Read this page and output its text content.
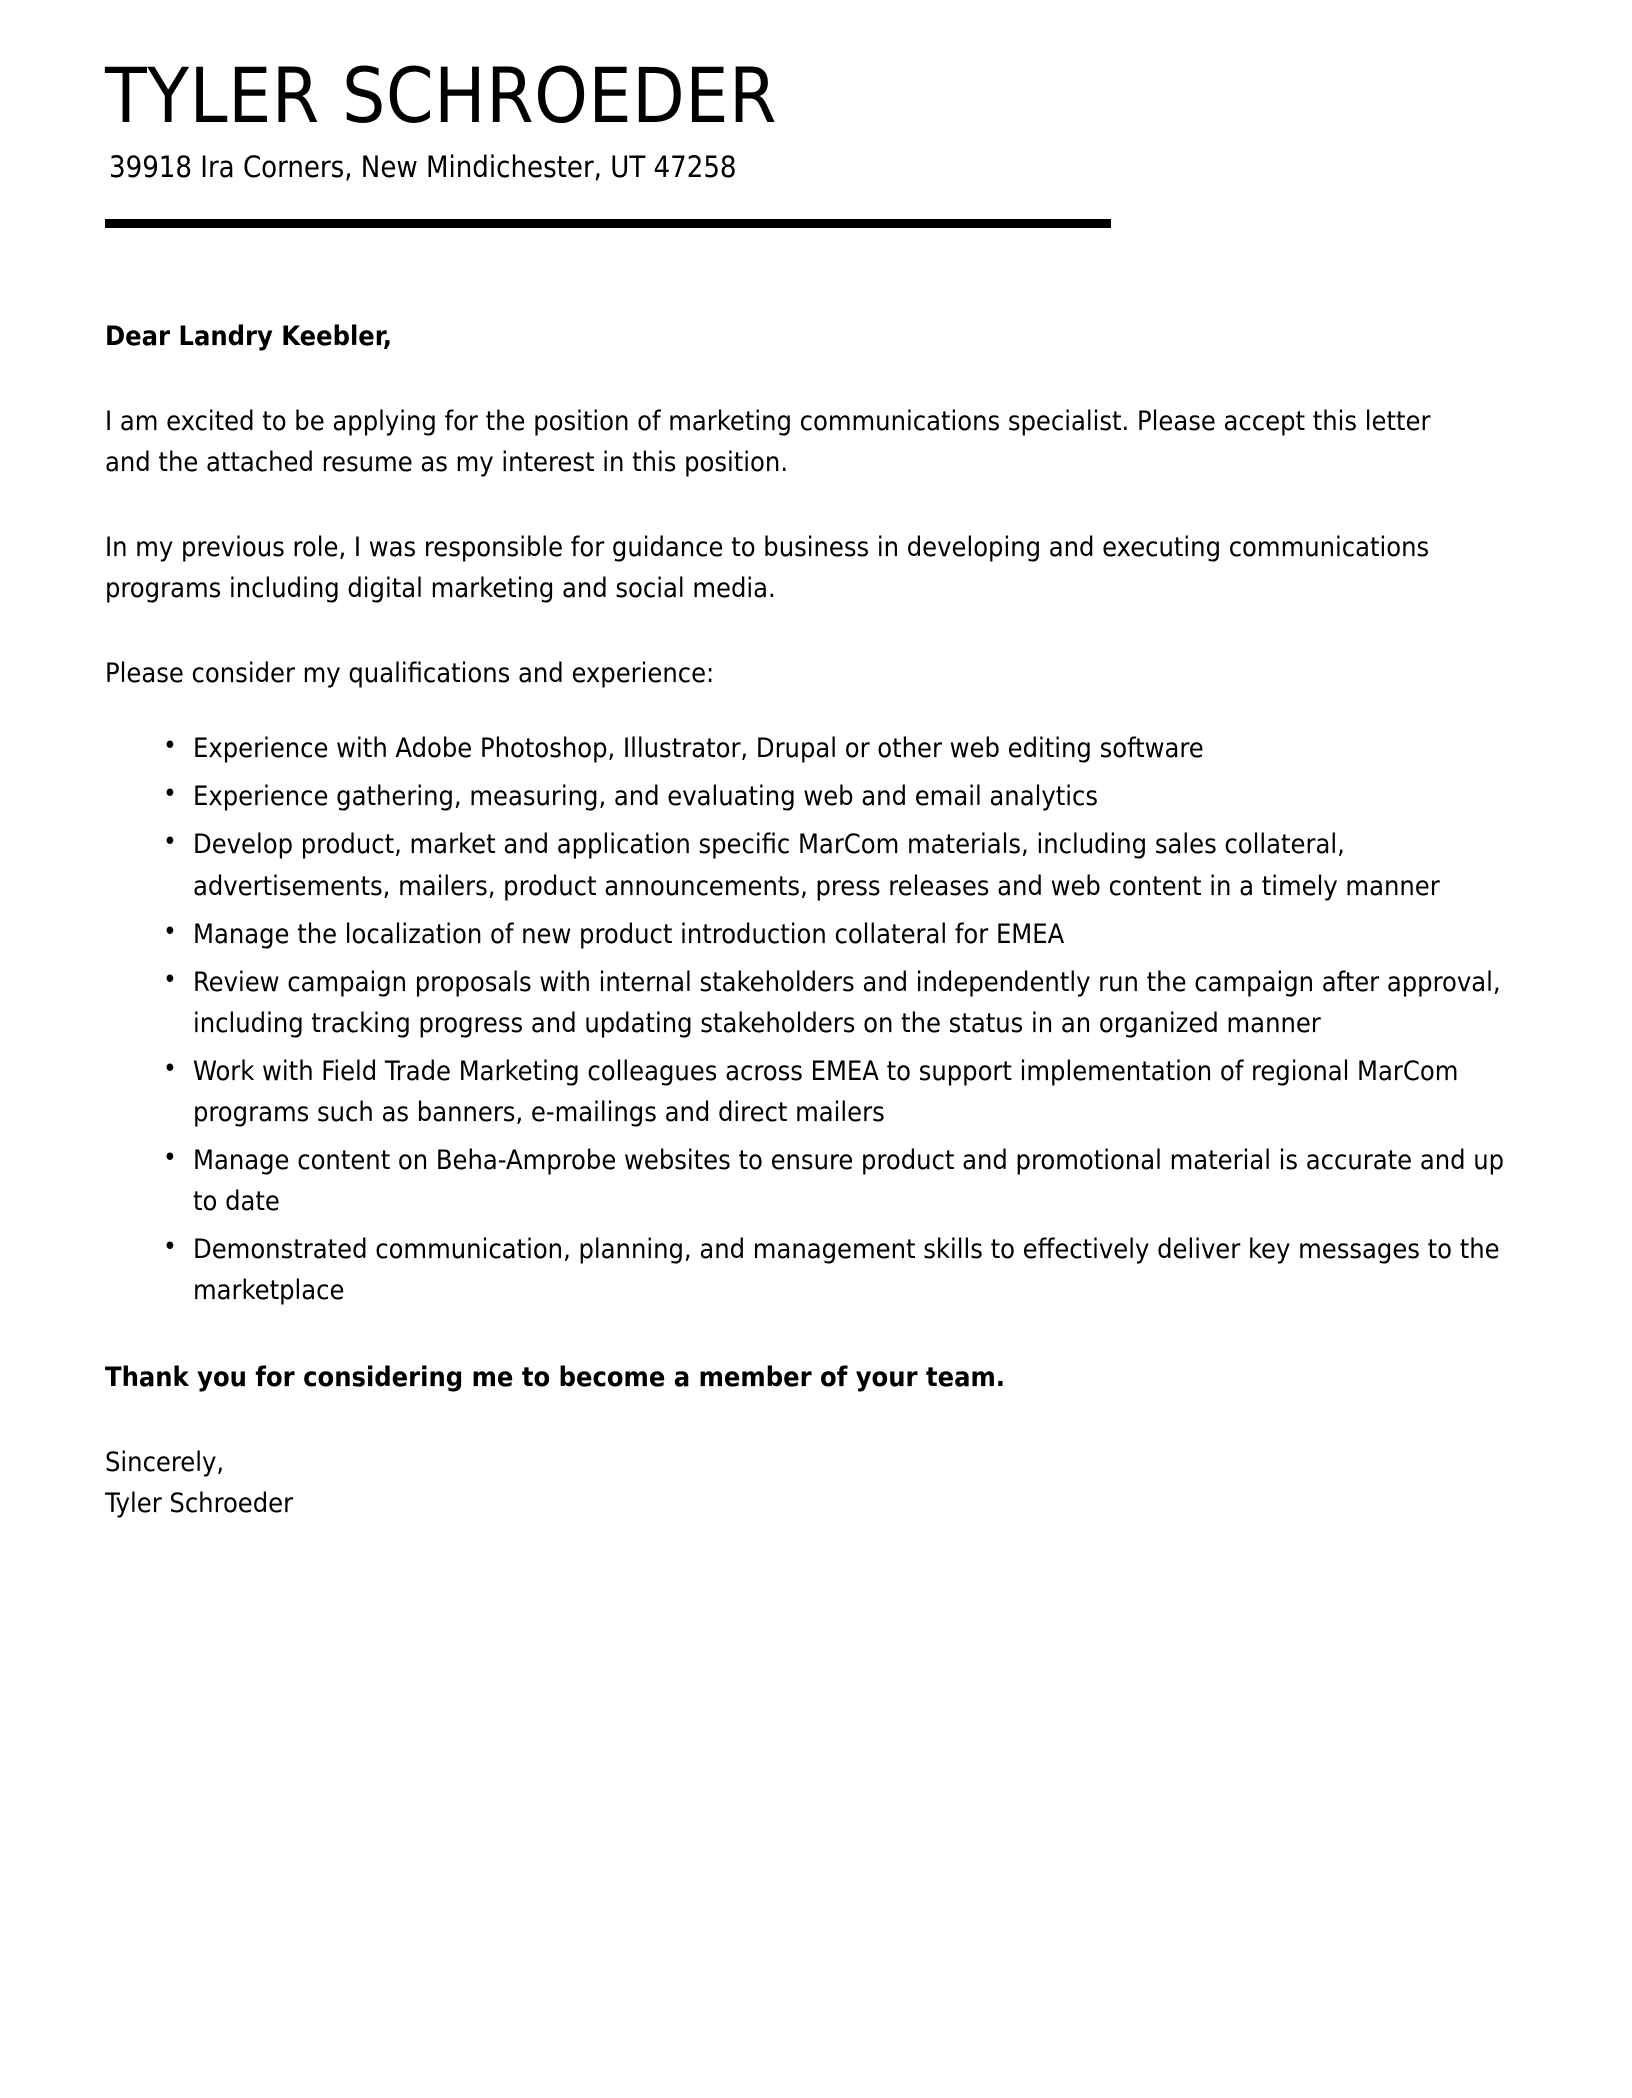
TYLER SCHROEDER
39918 Ira Corners, New Mindichester, UT 47258

Dear Landry Keebler,

I am excited to be applying for the position of marketing communications specialist. Please accept this letter and the attached resume as my interest in this position.

In my previous role, I was responsible for guidance to business in developing and executing communications programs including digital marketing and social media.

Please consider my qualifications and experience:

• Experience with Adobe Photoshop, Illustrator, Drupal or other web editing software
• Experience gathering, measuring, and evaluating web and email analytics
• Develop product, market and application specific MarCom materials, including sales collateral, advertisements, mailers, product announcements, press releases and web content in a timely manner
• Manage the localization of new product introduction collateral for EMEA
• Review campaign proposals with internal stakeholders and independently run the campaign after approval, including tracking progress and updating stakeholders on the status in an organized manner
• Work with Field Trade Marketing colleagues across EMEA to support implementation of regional MarCom programs such as banners, e-mailings and direct mailers
• Manage content on Beha-Amprobe websites to ensure product and promotional material is accurate and up to date
• Demonstrated communication, planning, and management skills to effectively deliver key messages to the marketplace

Thank you for considering me to become a member of your team.

Sincerely,

Tyler Schroeder
